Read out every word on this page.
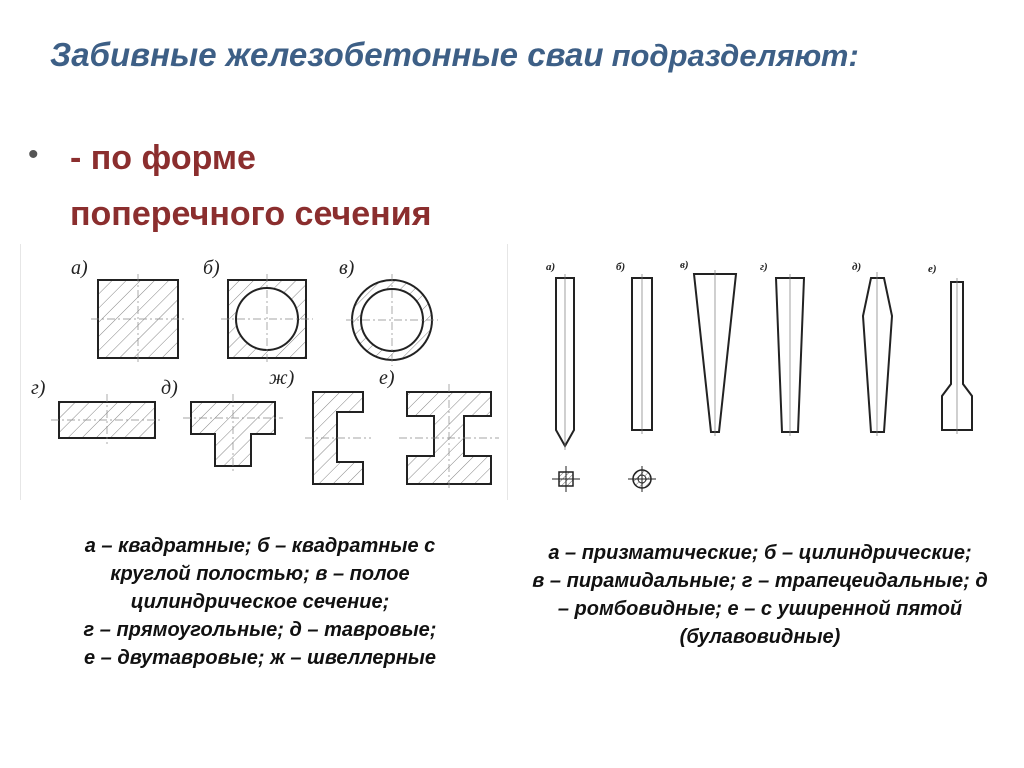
Забивные железобетонные сваи подразделяют:
• - по форме
поперечного сечения
а)	б)	в)
г)	д)	ж)	е)
а)	б)	в)	г)	д)	е)
а – квадратные; б – квадратные с
круглой полостью; в – полое
цилиндрическое сечение;
г – прямоугольные; д – тавровые;
е – двутавровые; ж – швеллерные
а – призматические; б – цилиндрические;
в – пирамидальные; г – трапецеидальные; д
– ромбовидные; е – с уширенной пятой
(булавовидные)
